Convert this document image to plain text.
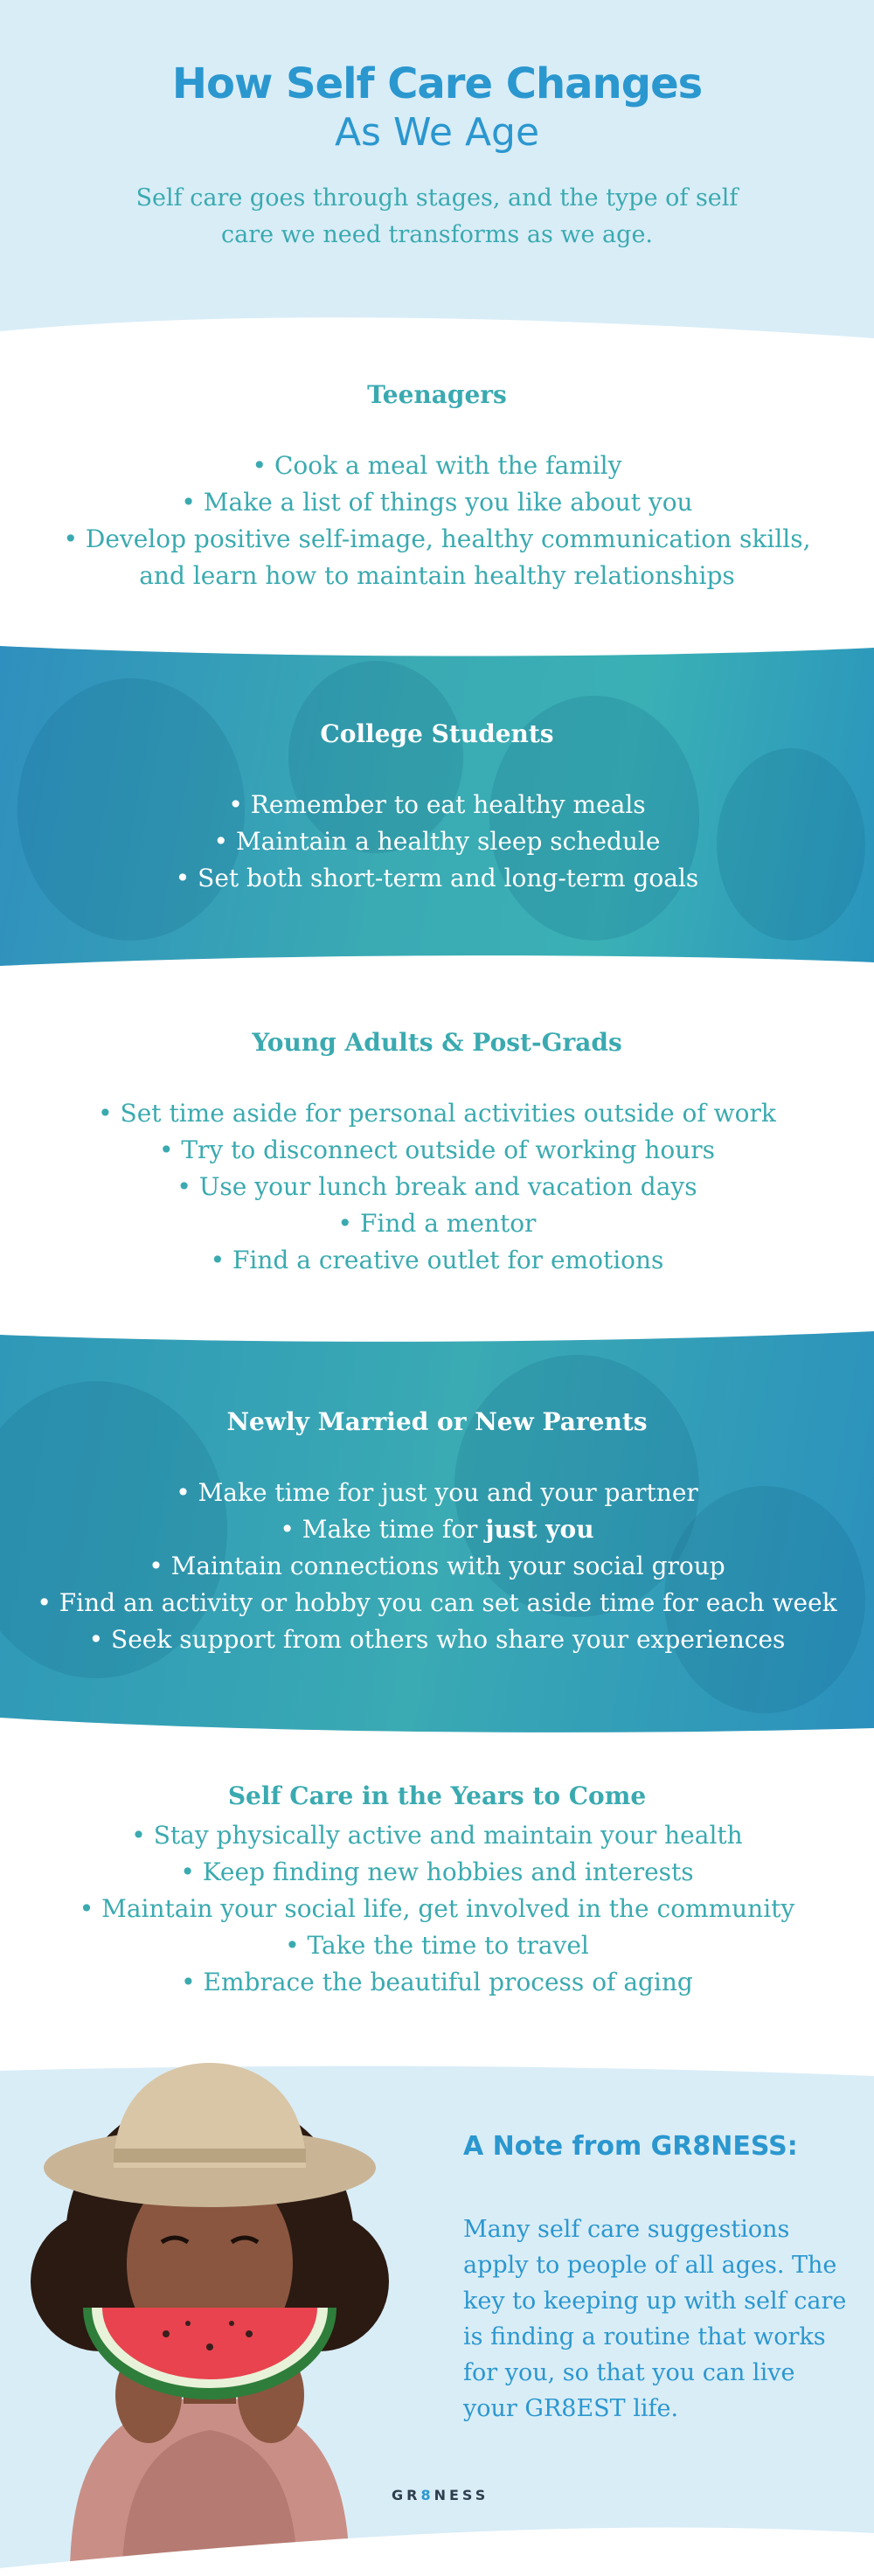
How Self Care Changes
As We Age
Self care goes through stages, and the type of self care we need transforms as we age.
Teenagers
• Cook a meal with the family
• Make a list of things you like about you
• Develop positive self-image, healthy communication skills,
and learn how to maintain healthy relationships
College Students
• Remember to eat healthy meals
• Maintain a healthy sleep schedule
• Set both short-term and long-term goals
Young Adults & Post-Grads
• Set time aside for personal activities outside of work
• Try to disconnect outside of working hours
• Use your lunch break and vacation days
• Find a mentor
• Find a creative outlet for emotions
Newly Married or New Parents
• Make time for just you and your partner
• Make time for just you
• Maintain connections with your social group
• Find an activity or hobby you can set aside time for each week
• Seek support from others who share your experiences
Self Care in the Years to Come
• Stay physically active and maintain your health
• Keep finding new hobbies and interests
• Maintain your social life, get involved in the community
• Take the time to travel
• Embrace the beautiful process of aging
A Note from GR8NESS:
Many self care suggestions apply to people of all ages. The key to keeping up with self care is finding a routine that works for you, so that you can live your GR8EST life.
GR8NESS
